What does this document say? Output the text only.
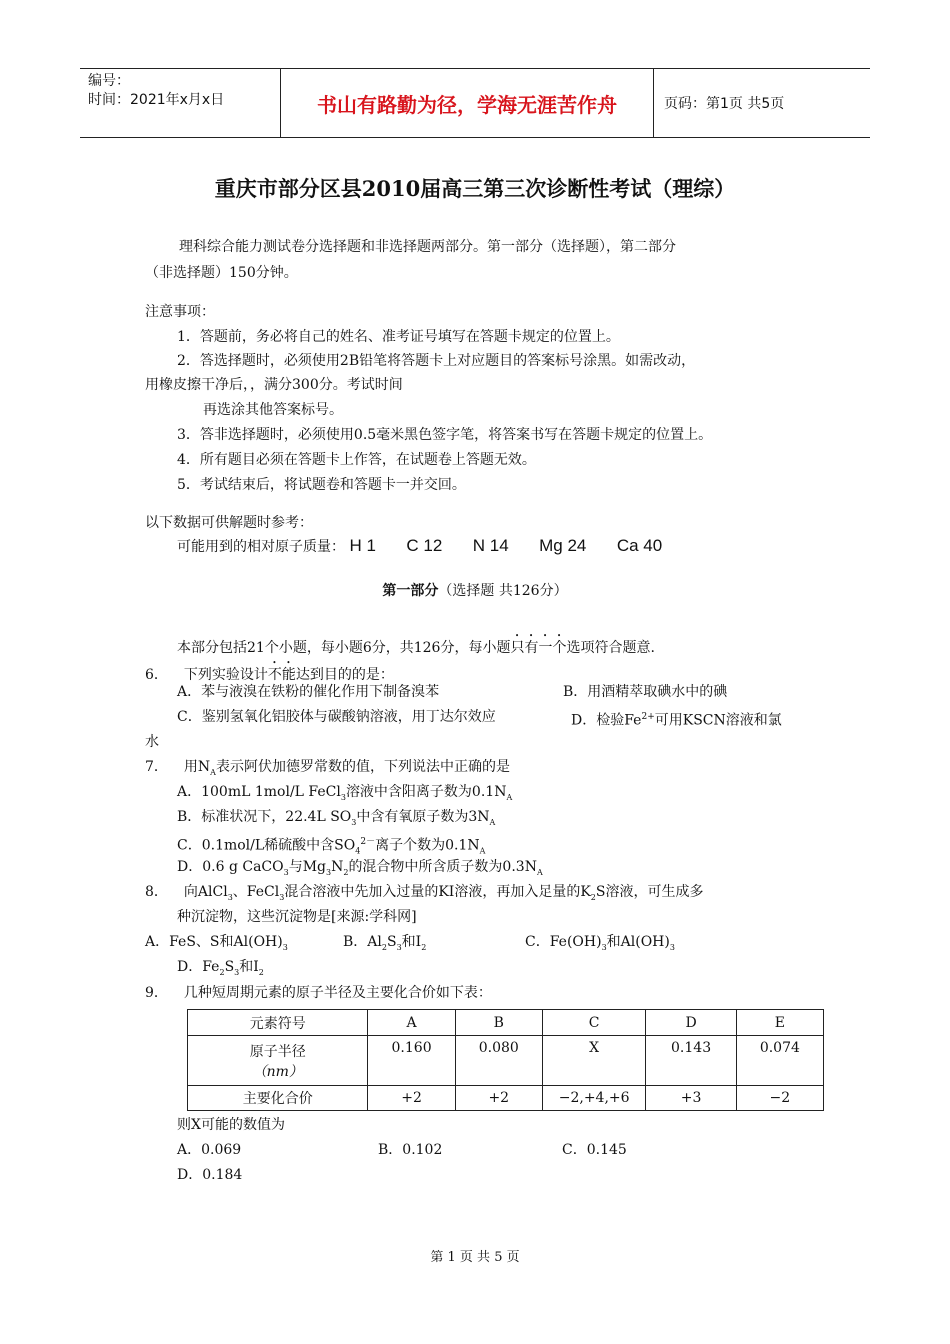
编号：
时间：2021年x月x日	书山有路勤为径，学海无涯苦作舟	页码：第1页 共5页
重庆市部分区县2010届高三第三次诊断性考试（理综）
理科综合能力测试卷分选择题和非选择题两部分。第一部分（选择题），第二部分
（非选择题）150分钟。
注意事项：
1．答题前，务必将自己的姓名、准考证号填写在答题卡规定的位置上。
2．答选择题时，必须使用2B铅笔将答题卡上对应题目的答案标号涂黑。如需改动，
用橡皮擦干净后，，满分300分。考试时间
再选涂其他答案标号。
3．答非选择题时，必须使用0.5毫米黑色签字笔，将答案书写在答题卡规定的位置上。
4．所有题目必须在答题卡上作答，在试题卷上答题无效。
5．考试结束后，将试题卷和答题卡一并交回。
以下数据可供解题时参考：
可能用到的相对原子质量： H 1 C 12 N 14 Mg 24 Ca 40
第一部分（选择题 共126分）
本部分包括21个小题，每小题6分，共126分，每小题只有一个选项符合题意.
6． 下列实验设计不能达到目的的是：
A．苯与液溴在铁粉的催化作用下制备溴苯	B．用酒精萃取碘水中的碘
C．鉴别氢氧化铝胶体与碳酸钠溶液，用丁达尔效应	D．检验$Fe^{2+}$可用KSCN溶液和氯
水
7． 用$N_A$表示阿伏加德罗常数的值，下列说法中正确的是
A．100mL 1mol/L FeCl$_3$溶液中含阳离子数为$0.1N_A$
B．标准状况下，22.4L $SO_3$中含有氧原子数为$3N_A$
C．0.1mol/L稀硫酸中含$SO_4^{2-}$离子个数为$0.1N_A$
D．0.6 g CaCO$_3$与$Mg_3N_2$的混合物中所含质子数为$0.3N_A$
8． 向AlCl$_3$、FeCl$_3$混合溶液中先加入过量的KI溶液，再加入足量的$K_2S$溶液，可生成多
种沉淀物，这些沉淀物是[来源:学科网]
A．FeS、S和$Al(OH)_3$	B．$Al_2S_3$和$I_2$	C．$Fe(OH)_3$和$Al(OH)_3$
D．$Fe_2S_3$和$I_2$
9． 几种短周期元素的原子半径及主要化合价如下表：
元素符号	A	B	C	D	E

原子半径
（nm）	0.160	0.080	X	0.143	0.074
主要化合价	+2	+2	−2,+4,+6	+3	−2
则X可能的数值为
A．0.069	B．0.102	C．0.145
D．0.184
第 1 页 共 5 页
